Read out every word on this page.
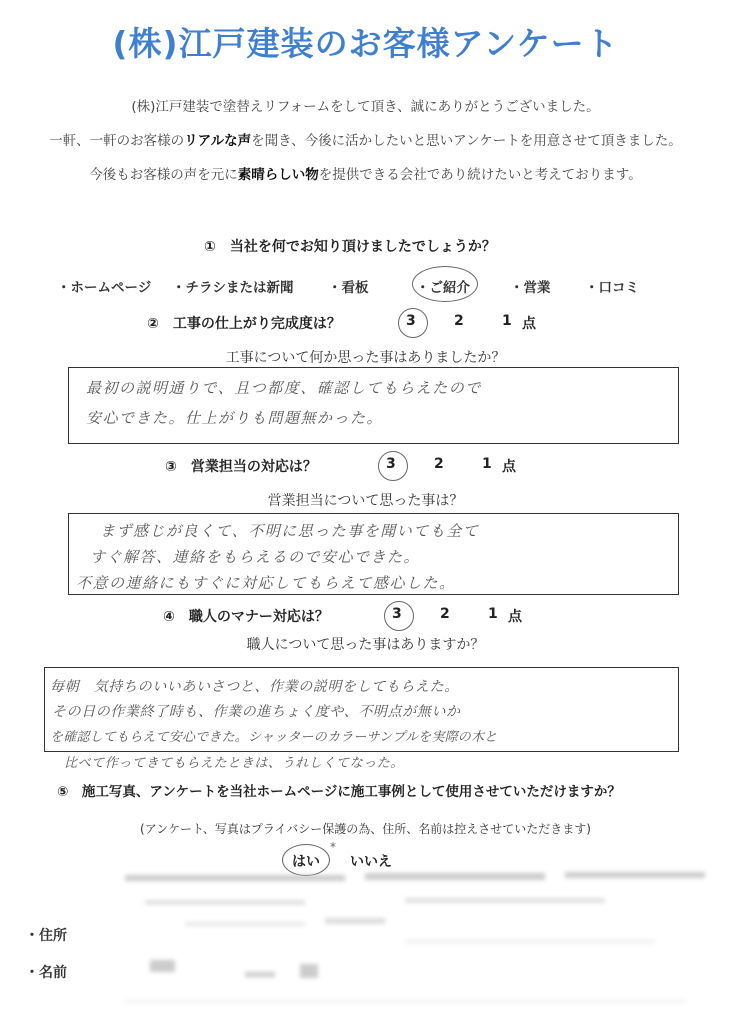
(株)江戸建装のお客様アンケート
(株)江戸建装で塗替えリフォームをして頂き、誠にありがとうございました。
一軒、一軒のお客様のリアルな声を聞き、今後に活かしたいと思いアンケートを用意させて頂きました。
今後もお客様の声を元に素晴らしい物を提供できる会社であり続けたいと考えております。
①　当社を何でお知り頂けましたでしょうか？
・ホームページ ・チラシまたは新聞	・看板	・ご紹介	・営業	・口コミ
②　工事の仕上がり完成度は？	3	2	1 点
工事について何か思った事はありましたか？
最初の説明通りで、且つ都度、確認してもらえたので
安心できた。仕上がりも問題無かった。
③　営業担当の対応は？	3	2	1 点
営業担当について思った事は？
まず感じが良くて、不明に思った事を聞いても全て
すぐ解答、連絡をもらえるので安心できた。
不意の連絡にもすぐに対応してもらえて感心した。
④　職人のマナー対応は？	3	2	1 点
職人について思った事はありますか？
毎朝　気持ちのいいあいさつと、作業の説明をしてもらえた。
その日の作業終了時も、作業の進ちょく度や、不明点が無いか
を確認してもらえて安心できた。シャッターのカラーサンプルを実際の木と
比べて作ってきてもらえたときは、うれしくてなった。
⑤　施工写真、アンケートを当社ホームページに施工事例として使用させていただけますか？
(アンケート、写真はプライバシー保護の為、住所、名前は控えさせていただきます)
はい
*
いいえ
・住所
・名前
